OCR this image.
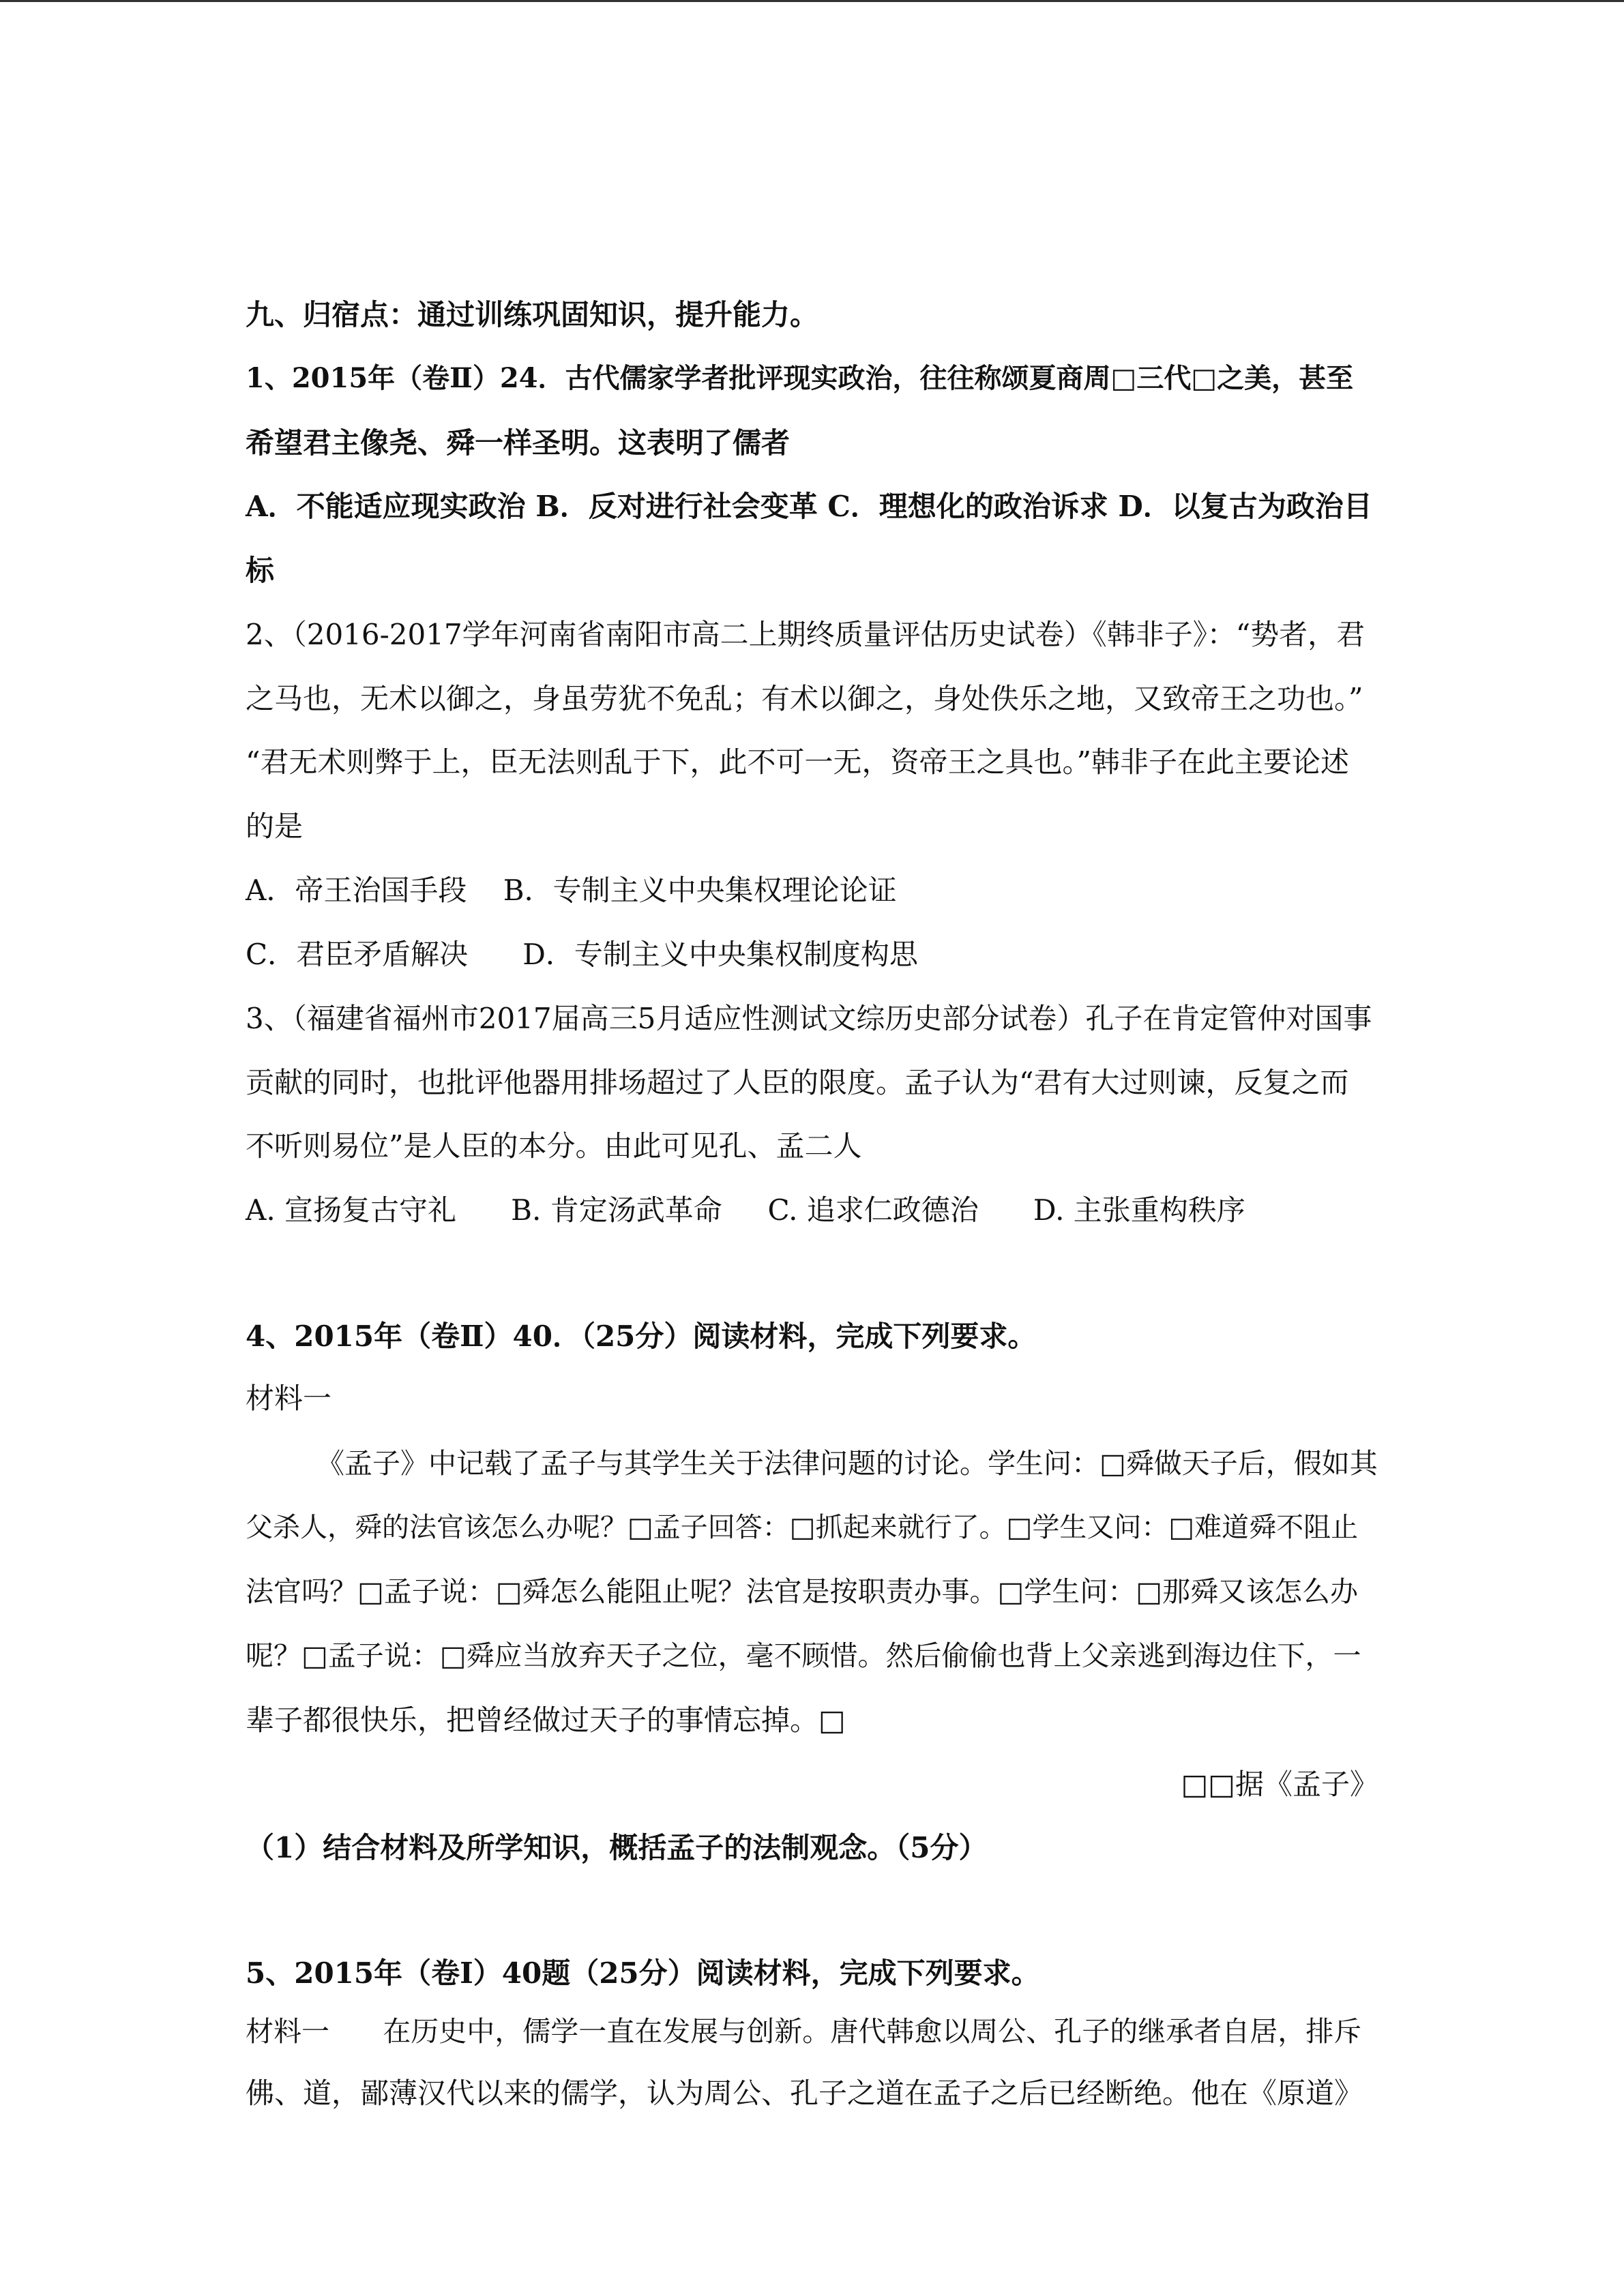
九、归宿点：通过训练巩固知识，提升能力。
1、2015年（卷Ⅱ）24．古代儒家学者批评现实政治，往往称颂夏商周□三代□之美，甚至
希望君主像尧、舜一样圣明。这表明了儒者
A．不能适应现实政治 B．反对进行社会变革 C．理想化的政治诉求 D．以复古为政治目
标
2、（2016-2017学年河南省南阳市高二上期终质量评估历史试卷）《韩非子》：“势者，君
之马也，无术以御之，身虽劳犹不免乱；有术以御之，身处佚乐之地，又致帝王之功也。”
“君无术则弊于上，臣无法则乱于下，此不可一无，资帝王之具也。”韩非子在此主要论述
的是
A．帝王治国手段    B．专制主义中央集权理论论证
C．君臣矛盾解决      D．专制主义中央集权制度构思
3、（福建省福州市2017届高三5月适应性测试文综历史部分试卷）孔子在肯定管仲对国事
贡献的同时，也批评他器用排场超过了人臣的限度。孟子认为“君有大过则谏，反复之而
不听则易位”是人臣的本分。由此可见孔、孟二人
A. 宣扬复古守礼      B. 肯定汤武革命     C. 追求仁政德治      D. 主张重构秩序
4、2015年（卷Ⅱ）40．（25分）阅读材料，完成下列要求。
材料一
《孟子》中记载了孟子与其学生关于法律问题的讨论。学生问：□舜做天子后，假如其
父杀人，舜的法官该怎么办呢？□孟子回答：□抓起来就行了。□学生又问：□难道舜不阻止
法官吗？□孟子说：□舜怎么能阻止呢？法官是按职责办事。□学生问：□那舜又该怎么办
呢？□孟子说：□舜应当放弃天子之位，毫不顾惜。然后偷偷也背上父亲逃到海边住下，一
辈子都很快乐，把曾经做过天子的事情忘掉。□
□□据《孟子》
（1）结合材料及所学知识，概括孟子的法制观念。（5分）
5、2015年（卷Ⅰ）40题（25分）阅读材料，完成下列要求。
材料一      在历史中，儒学一直在发展与创新。唐代韩愈以周公、孔子的继承者自居，排斥
佛、道，鄙薄汉代以来的儒学，认为周公、孔子之道在孟子之后已经断绝。他在《原道》
